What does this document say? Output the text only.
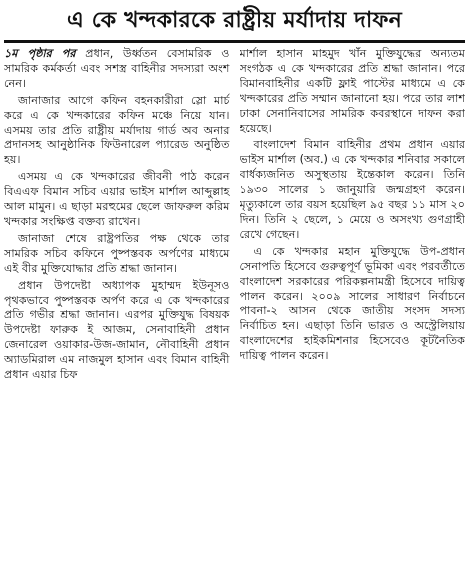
এ কে খন্দকারকে রাষ্ট্রীয় মর্যাদায় দাফন

১ম পৃষ্ঠার পর প্রধান, উর্ধ্বতন বেসামরিক ও সামরিক কর্মকর্তা এবং সশস্ত্র বাহিনীর সদস্যরা অংশ নেন।

জানাজার আগে কফিন বহনকারীরা স্লো মার্চ করে এ কে খন্দকারের কফিন মঞ্চে নিয়ে যান। এসময় তার প্রতি রাষ্ট্রীয় মর্যাদায় গার্ড অব অনার প্রদানসহ আনুষ্ঠানিক ফিউনারেল প্যারেড অনুষ্ঠিত হয়।

এসময় এ কে খন্দকারের জীবনী পাঠ করেন বিএএফ বিমান সচিব এয়ার ভাইস মার্শাল আব্দুল্লাহ আল মামুন। এ ছাড়া মরহুমের ছেলে জাফরুল করিম খন্দকার সংক্ষিপ্ত বক্তব্য রাখেন।

জানাজা শেষে রাষ্ট্রপতির পক্ষ থেকে তার সামরিক সচিব কফিনে পুষ্পস্তবক অর্পণের মাধ্যমে এই বীর মুক্তিযোদ্ধার প্রতি শ্রদ্ধা জানান।

প্রধান উপদেষ্টা অধ্যাপক মুহাম্মদ ইউনূসও পৃথকভাবে পুষ্পস্তবক অর্পণ করে এ কে খন্দকারের প্রতি গভীর শ্রদ্ধা জানান। এরপর মুক্তিযুদ্ধ বিষয়ক উপদেষ্টা ফারুক ই আজম, সেনাবাহিনী প্রধান জেনারেল ওয়াকার-উজ-জামান, নৌবাহিনী প্রধান অ্যাডমিরাল এম নাজমুল হাসান এবং বিমান বাহিনী প্রধান এয়ার চিফ

মার্শাল হাসান মাহমুদ খাঁন মুক্তিযুদ্ধের অন্যতম সংগঠক এ কে খন্দকারের প্রতি শ্রদ্ধা জানান। পরে বিমানবাহিনীর একটি ফ্লাই পাস্টের মাধ্যমে এ কে খন্দকারের প্রতি সম্মান জানানো হয়। পরে তার লাশ ঢাকা সেনানিবাসের সামরিক কবরস্থানে দাফন করা হয়েছে।

বাংলাদেশ বিমান বাহিনীর প্রথম প্রধান এয়ার ভাইস মার্শাল (অব.) এ কে খন্দকার শনিবার সকালে বার্ধক্যজনিত অসুস্থতায় ইন্তেকাল করেন। তিনি ১৯৩০ সালের ১ জানুয়ারি জন্মগ্রহণ করেন। মৃত্যুকালে তার বয়স হয়েছিল ৯৫ বছর ১১ মাস ২০ দিন। তিনি ২ ছেলে, ১ মেয়ে ও অসংখ্য গুণগ্রাহী রেখে গেছেন।

এ কে খন্দকার মহান মুক্তিযুদ্ধে উপ-প্রধান সেনাপতি হিসেবে গুরুত্বপূর্ণ ভূমিকা এবং পরবর্তীতে বাংলাদেশ সরকারের পরিকল্পনামন্ত্রী হিসেবে দায়িত্ব পালন করেন। ২০০৯ সালের সাধারণ নির্বাচনে পাবনা-২ আসন থেকে জাতীয় সংসদ সদস্য নির্বাচিত হন। এছাড়া তিনি ভারত ও অস্ট্রেলিয়ায় বাংলাদেশের হাইকমিশনার হিসেবেও কূটনৈতিক দায়িত্ব পালন করেন।
